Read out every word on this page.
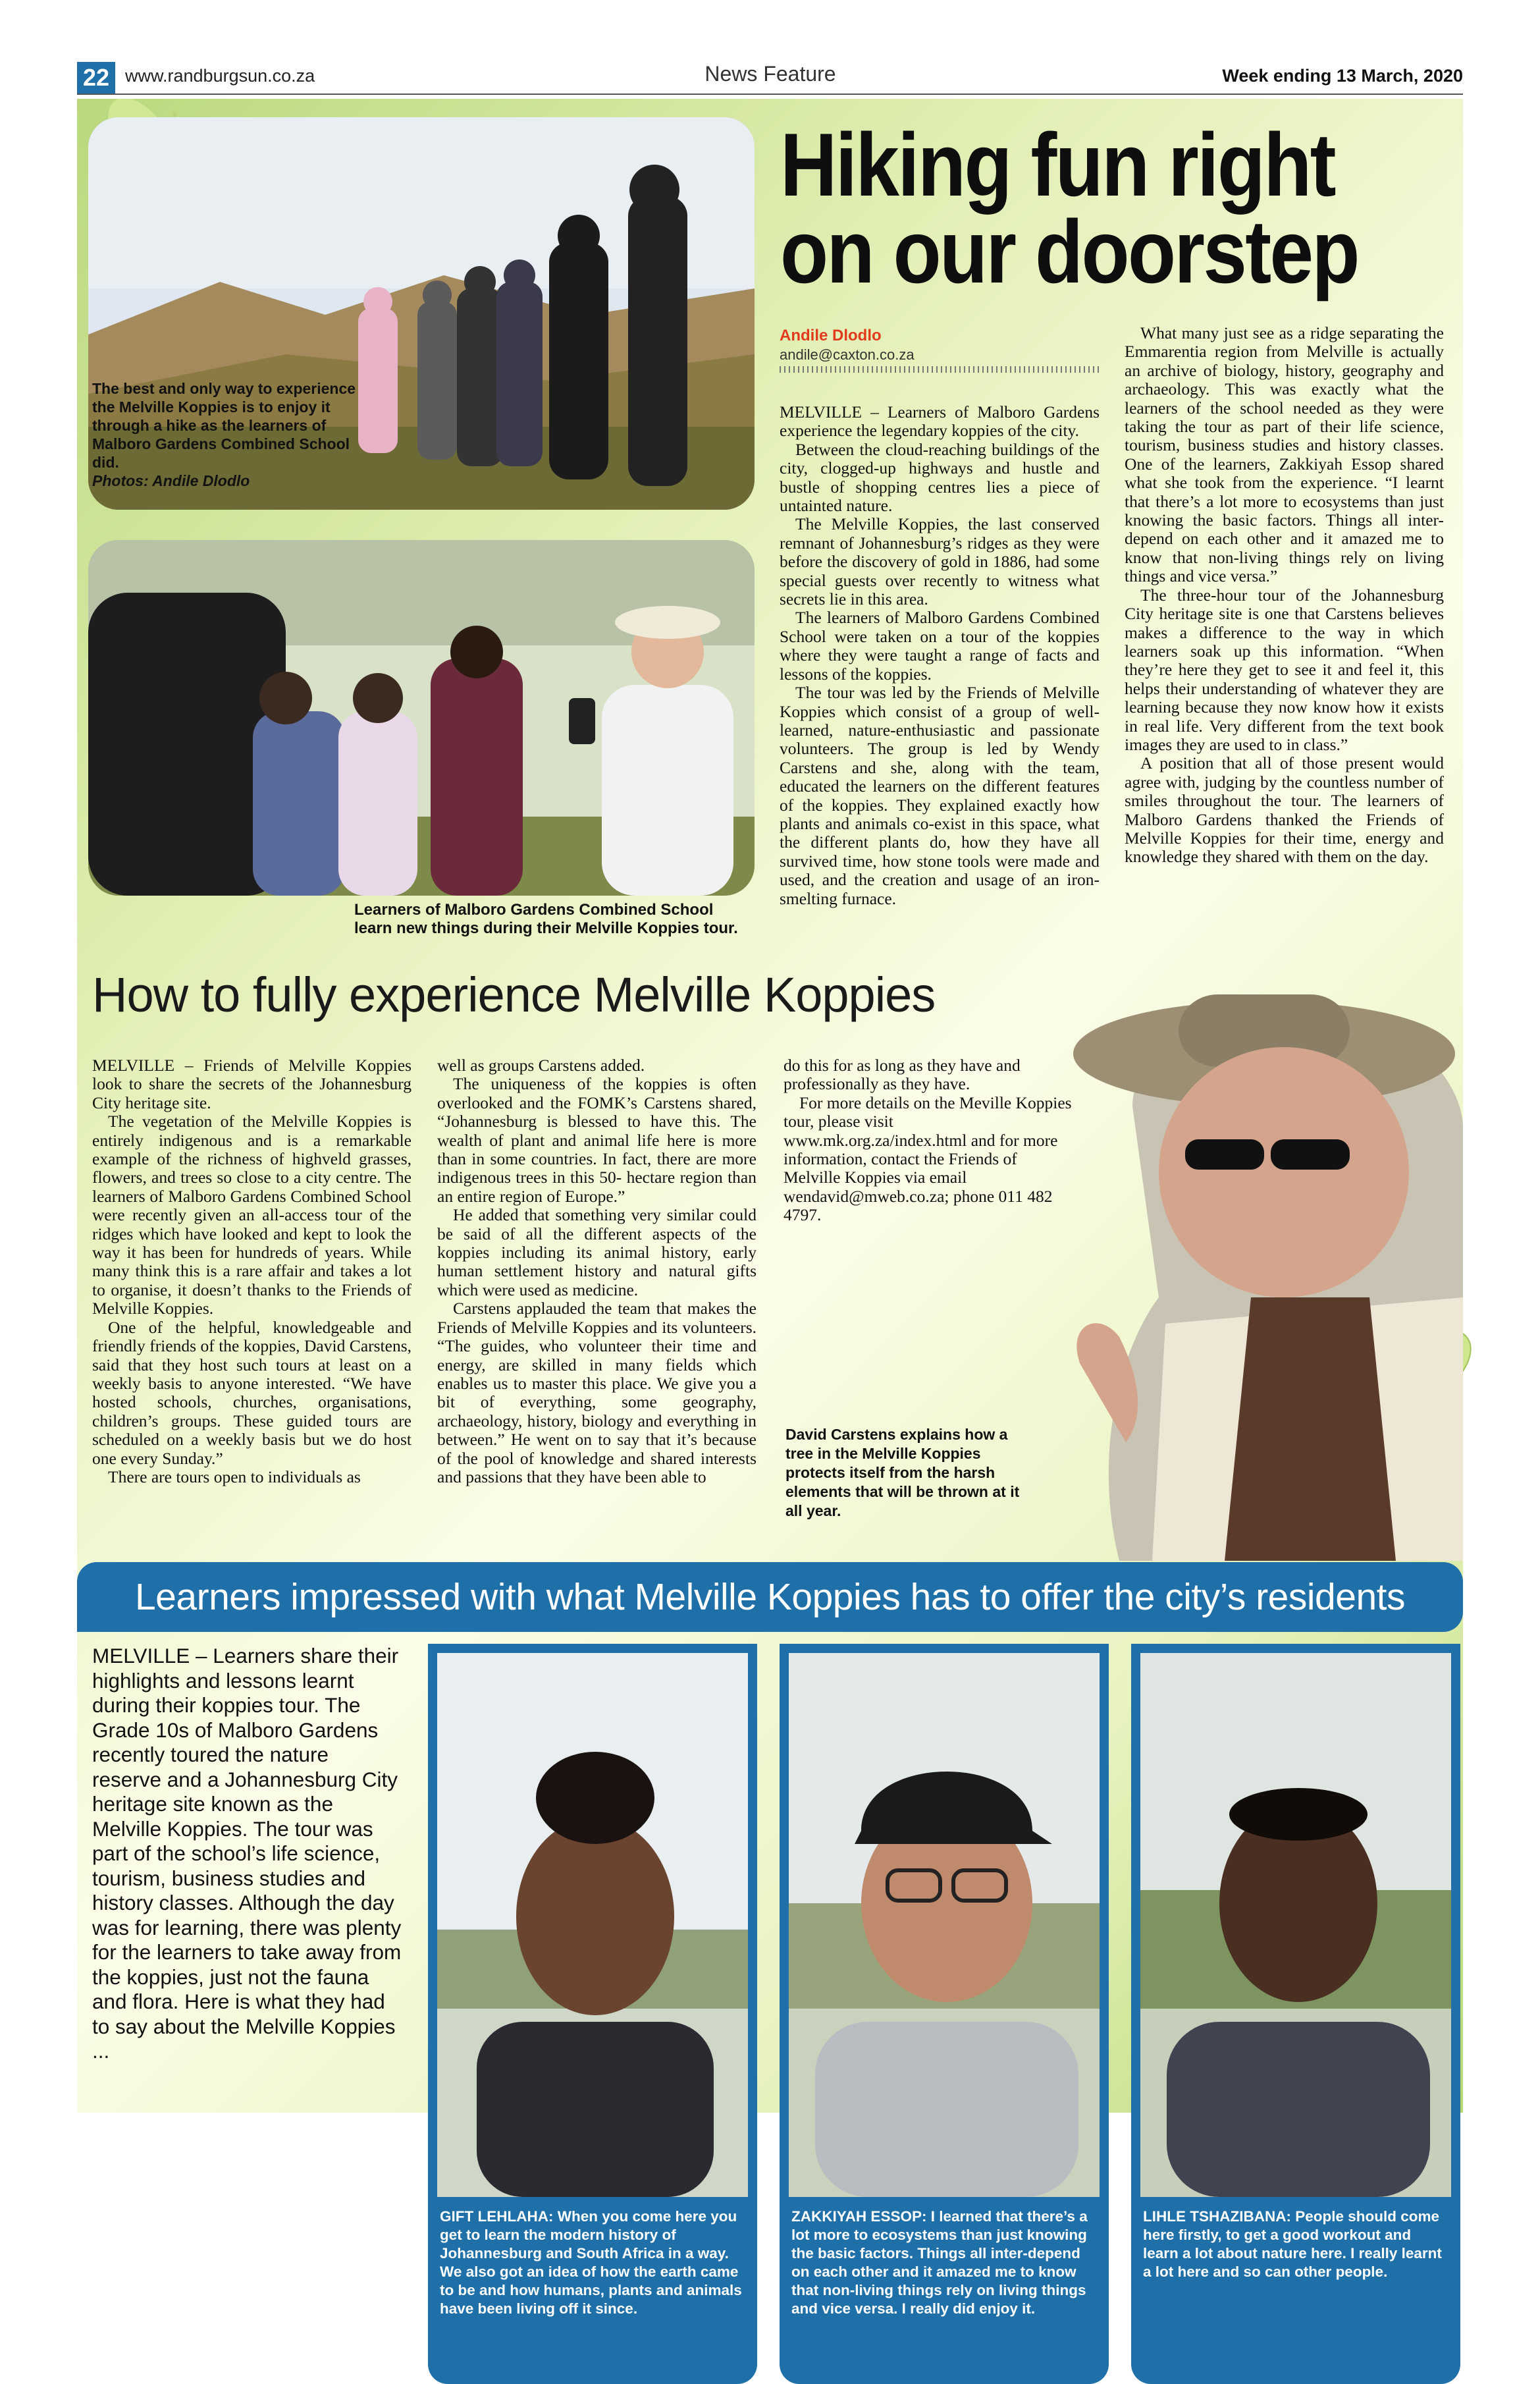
22 www.randburgsun.co.za	News Feature	Week ending 13 March, 2020
The best and only way to experience the Melville Koppies is to enjoy it through a hike as the learners of Malboro Gardens Combined School did.
Photos: Andile Dlodlo
Learners of Malboro Gardens Combined School learn new things during their Melville Koppies tour.
Hiking fun right
on our doorstep
Andile Dlodlo
andile@caxton.co.za

MELVILLE – Learners of Malboro Gardens experience the legendary koppies of the city.

Between the cloud-reaching buildings of the city, clogged-up highways and hustle and bustle of shopping centres lies a piece of untainted nature.

The Melville Koppies, the last conserved remnant of Johannesburg’s ridges as they were before the discovery of gold in 1886, had some special guests over recently to witness what secrets lie in this area.

The learners of Malboro Gardens Combined School were taken on a tour of the koppies where they were taught a range of facts and lessons of the koppies.

The tour was led by the Friends of Melville Koppies which consist of a group of well-learned, nature-enthusiastic and passionate volunteers. The group is led by Wendy Carstens and she, along with the team, educated the learners on the different features of the koppies. They explained exactly how plants and animals co-exist in this space, what the different plants do, how they have all survived time, how stone tools were made and used, and the creation and usage of an iron-smelting furnace.

What many just see as a ridge separating the Emmarentia region from Melville is actually an archive of biology, history, geography and archaeology. This was exactly what the learners of the school needed as they were taking the tour as part of their life science, tourism, business studies and history classes. One of the learners, Zakkiyah Essop shared what she took from the experience. “I learnt that there’s a lot more to ecosystems than just knowing the basic factors. Things all inter-depend on each other and it amazed me to know that non-living things rely on living things and vice versa.”

The three-hour tour of the Johannesburg City heritage site is one that Carstens believes makes a difference to the way in which learners soak up this information. “When they’re here they get to see it and feel it, this helps their understanding of whatever they are learning because they now know how it exists in real life. Very different from the text book images they are used to in class.”

A position that all of those present would agree with, judging by the countless number of smiles throughout the tour. The learners of Malboro Gardens thanked the Friends of Melville Koppies for their time, energy and knowledge they shared with them on the day.

How to fully experience Melville Koppies

MELVILLE – Friends of Melville Koppies look to share the secrets of the Johannesburg City heritage site.

The vegetation of the Melville Koppies is entirely indigenous and is a remarkable example of the richness of highveld grasses, flowers, and trees so close to a city centre. The learners of Malboro Gardens Combined School were recently given an all-access tour of the ridges which have looked and kept to look the way it has been for hundreds of years. While many think this is a rare affair and takes a lot to organise, it doesn’t thanks to the Friends of Melville Koppies.

One of the helpful, knowledgeable and friendly friends of the koppies, David Carstens, said that they host such tours at least on a weekly basis to anyone interested. “We have hosted schools, churches, organisations, children’s groups. These guided tours are scheduled on a weekly basis but we do host one every Sunday.”

There are tours open to individuals as

well as groups Carstens added.

The uniqueness of the koppies is often overlooked and the FOMK’s Carstens shared, “Johannesburg is blessed to have this. The wealth of plant and animal life here is more than in some countries. In fact, there are more indigenous trees in this 50- hectare region than an entire region of Europe.”

He added that something very similar could be said of all the different aspects of the koppies including its animal history, early human settlement history and natural gifts which were used as medicine.

Carstens applauded the team that makes the Friends of Melville Koppies and its volunteers. “The guides, who volunteer their time and energy, are skilled in many fields which enables us to master this place. We give you a bit of everything, some geography, archaeology, history, biology and everything in between.” He went on to say that it’s because of the pool of knowledge and shared interests and passions that they have been able to

do this for as long as they have and professionally as they have.

For more details on the Meville Koppies tour, please visit www.mk.org.za/index.html and for more information, contact the Friends of Melville Koppies via email wendavid@mweb.co.za; phone 011 482 4797.

David Carstens explains how a tree in the Melville Koppies protects itself from the harsh elements that will be thrown at it all year.
Learners impressed with what Melville Koppies has to offer the city’s residents
MELVILLE – Learners share their highlights and lessons learnt during their koppies tour. The Grade 10s of Malboro Gardens recently toured the nature reserve and a Johannesburg City heritage site known as the Melville Koppies. The tour was part of the school’s life science, tourism, business studies and history classes. Although the day was for learning, there was plenty for the learners to take away from the koppies, just not the fauna and flora. Here is what they had to say about the Melville Koppies ...
GIFT LEHLAHA: When you come here you get to learn the modern history of Johannesburg and South Africa in a way. We also got an idea of how the earth came to be and how humans, plants and animals have been living off it since.
ZAKKIYAH ESSOP: I learned that there’s a lot more to ecosystems than just knowing the basic factors. Things all inter-depend on each other and it amazed me to know that non-living things rely on living things and vice versa. I really did enjoy it.
LIHLE TSHAZIBANA: People should come here firstly, to get a good workout and learn a lot about nature here. I really learnt a lot here and so can other people.
